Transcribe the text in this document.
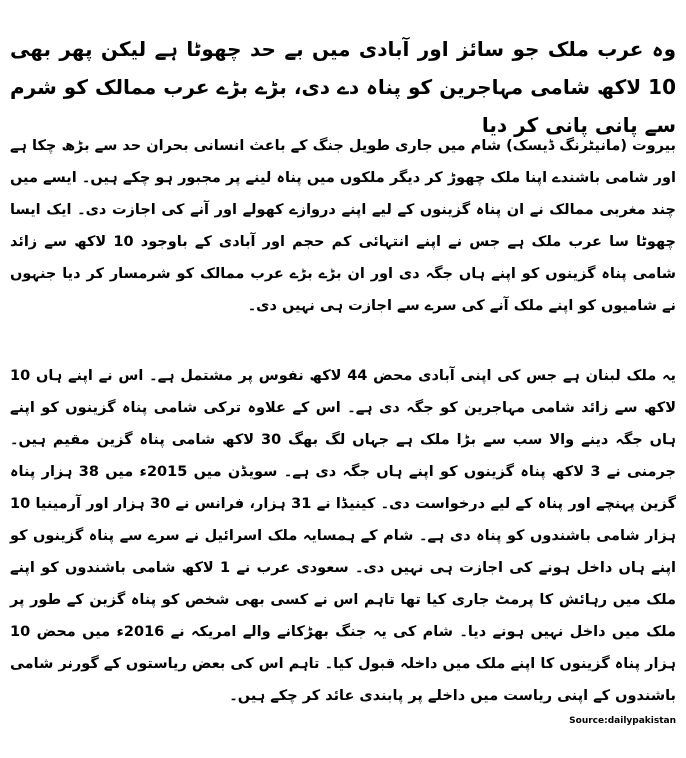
وہ عرب ملک جو سائز اور آبادی میں بے حد چھوٹا ہے لیکن پھر بھی 10 لاکھ شامی مہاجرین کو پناہ دے دی، بڑے بڑے عرب ممالک کو شرم سے پانی پانی کر دیا

بیروت (مانیٹرنگ ڈیسک) شام میں جاری طویل جنگ کے باعث انسانی بحران حد سے بڑھ چکا ہے اور شامی باشندے اپنا ملک چھوڑ کر دیگر ملکوں میں پناہ لینے پر مجبور ہو چکے ہیں۔ ایسے میں چند مغربی ممالک نے ان پناہ گزینوں کے لیے اپنے دروازے کھولے اور آنے کی اجازت دی۔ ایک ایسا چھوٹا سا عرب ملک ہے جس نے اپنے انتہائی کم حجم اور آبادی کے باوجود 10 لاکھ سے زائد شامی پناہ گزینوں کو اپنے ہاں جگہ دی اور ان بڑے بڑے عرب ممالک کو شرمسار کر دیا جنہوں نے شامیوں کو اپنے ملک آنے کی سرے سے اجازت ہی نہیں دی۔

یہ ملک لبنان ہے جس کی اپنی آبادی محض 44 لاکھ نفوس پر مشتمل ہے۔ اس نے اپنے ہاں 10 لاکھ سے زائد شامی مہاجرین کو جگہ دی ہے۔ اس کے علاوہ ترکی شامی پناہ گزینوں کو اپنے ہاں جگہ دینے والا سب سے بڑا ملک ہے جہاں لگ بھگ 30 لاکھ شامی پناہ گزین مقیم ہیں۔ جرمنی نے 3 لاکھ پناہ گزینوں کو اپنے ہاں جگہ دی ہے۔ سویڈن میں 2015ء میں 38 ہزار پناہ گزین پہنچے اور پناہ کے لیے درخواست دی۔ کینیڈا نے 31 ہزار، فرانس نے 30 ہزار اور آرمینیا 10 ہزار شامی باشندوں کو پناہ دی ہے۔ شام کے ہمسایہ ملک اسرائیل نے سرے سے پناہ گزینوں کو اپنے ہاں داخل ہونے کی اجازت ہی نہیں دی۔ سعودی عرب نے 1 لاکھ شامی باشندوں کو اپنے ملک میں رہائش کا پرمٹ جاری کیا تھا تاہم اس نے کسی بھی شخص کو پناہ گزین کے طور پر ملک میں داخل نہیں ہونے دیا۔ شام کی یہ جنگ بھڑکانے والے امریکہ نے 2016ء میں محض 10 ہزار پناہ گزینوں کا اپنے ملک میں داخلہ قبول کیا۔ تاہم اس کی بعض ریاستوں کے گورنر شامی باشندوں کے اپنی ریاست میں داخلے پر پابندی عائد کر چکے ہیں۔

Source:dailypakistan
